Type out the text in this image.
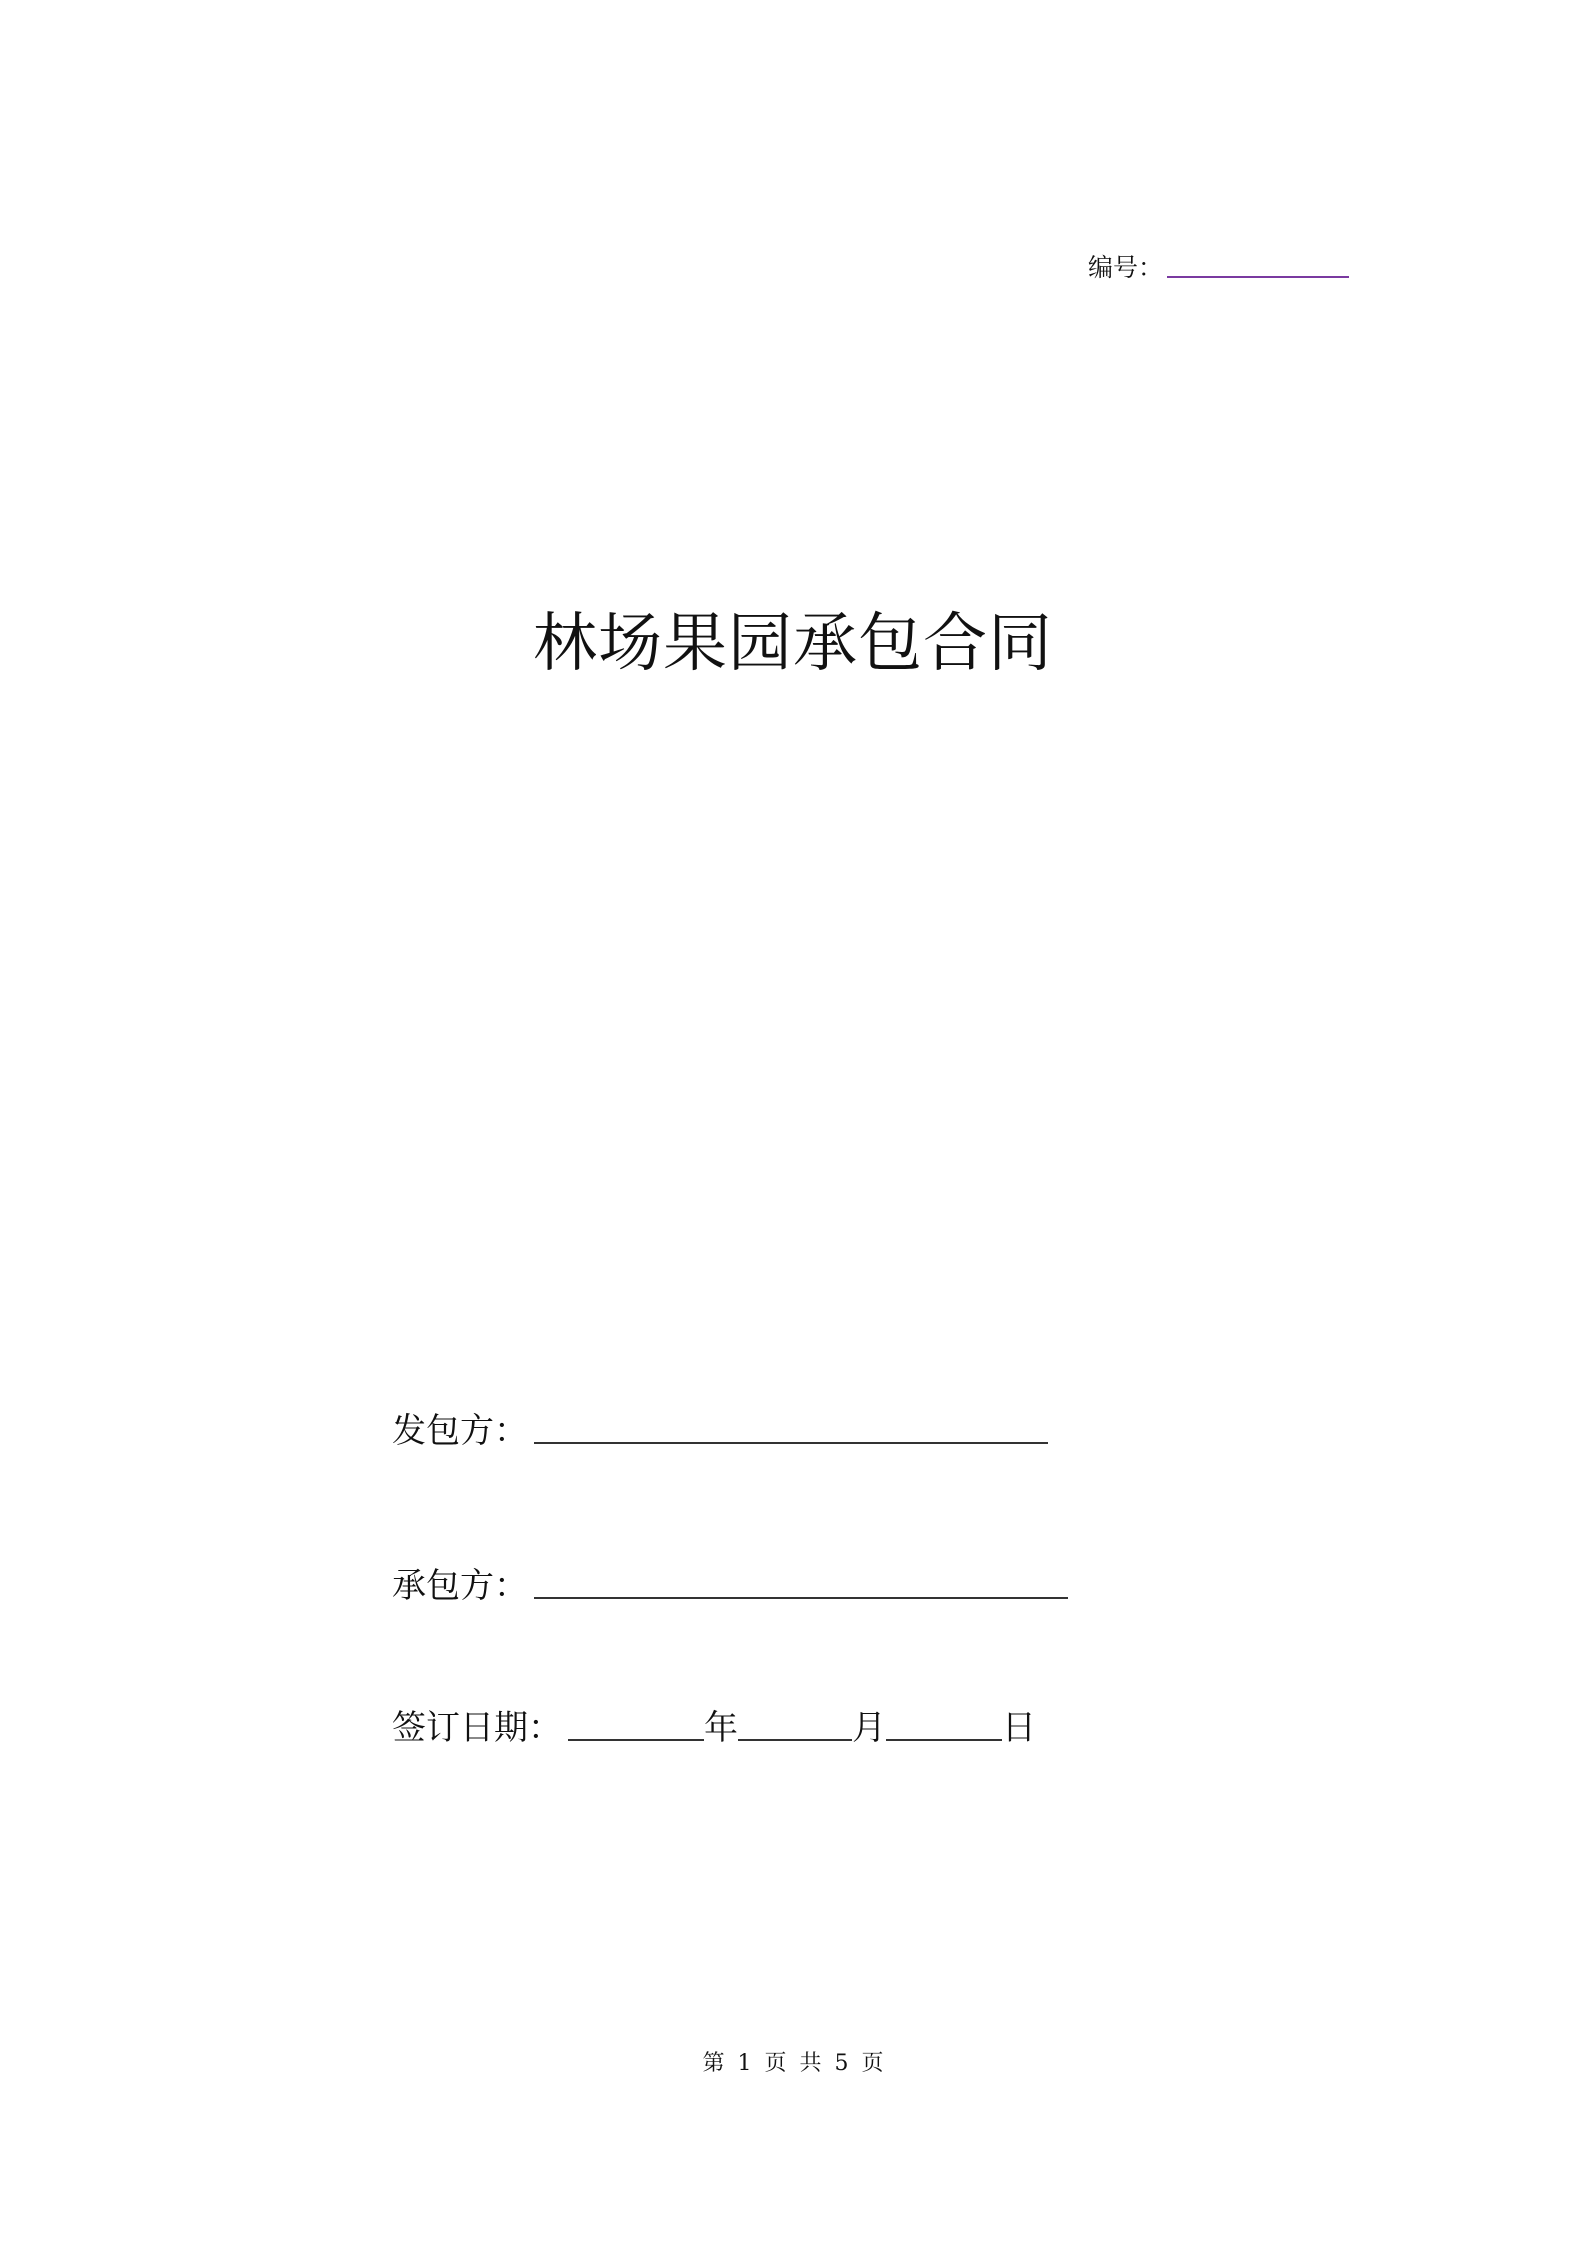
编号：
林场果园承包合同
发包方：
承包方：
签订日期：	年	月	日
第 1 页 共 5 页
